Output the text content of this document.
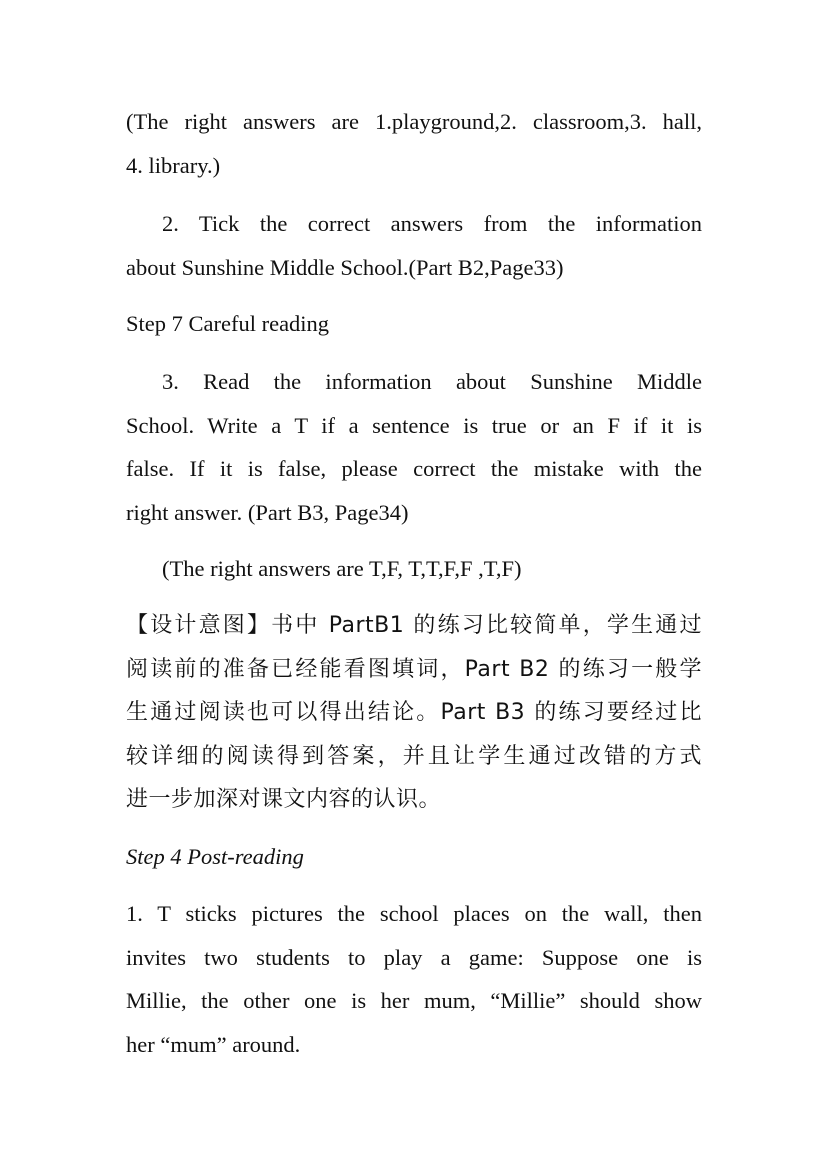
(The right answers are 1.playground,2. classroom,3. hall,
4. library.)
2. Tick the correct answers from the information
about Sunshine Middle School.(Part B2,Page33)
Step 7 Careful reading
3. Read the information about Sunshine Middle
School. Write a T if a sentence is true or an F if it is
false. If it is false, please correct the mistake with the
right answer. (Part B3, Page34)
(The right answers are T,F, T,T,F,F ,T,F)
【设计意图】书中 PartB1 的练习比较简单，学生通过
阅读前的准备已经能看图填词，Part B2 的练习一般学
生通过阅读也可以得出结论。Part B3 的练习要经过比
较详细的阅读得到答案，并且让学生通过改错的方式
进一步加深对课文内容的认识。
Step 4 Post-reading
1. T sticks pictures the school places on the wall, then
invites two students to play a game: Suppose one is
Millie, the other one is her mum, “Millie” should show
her “mum” around.
